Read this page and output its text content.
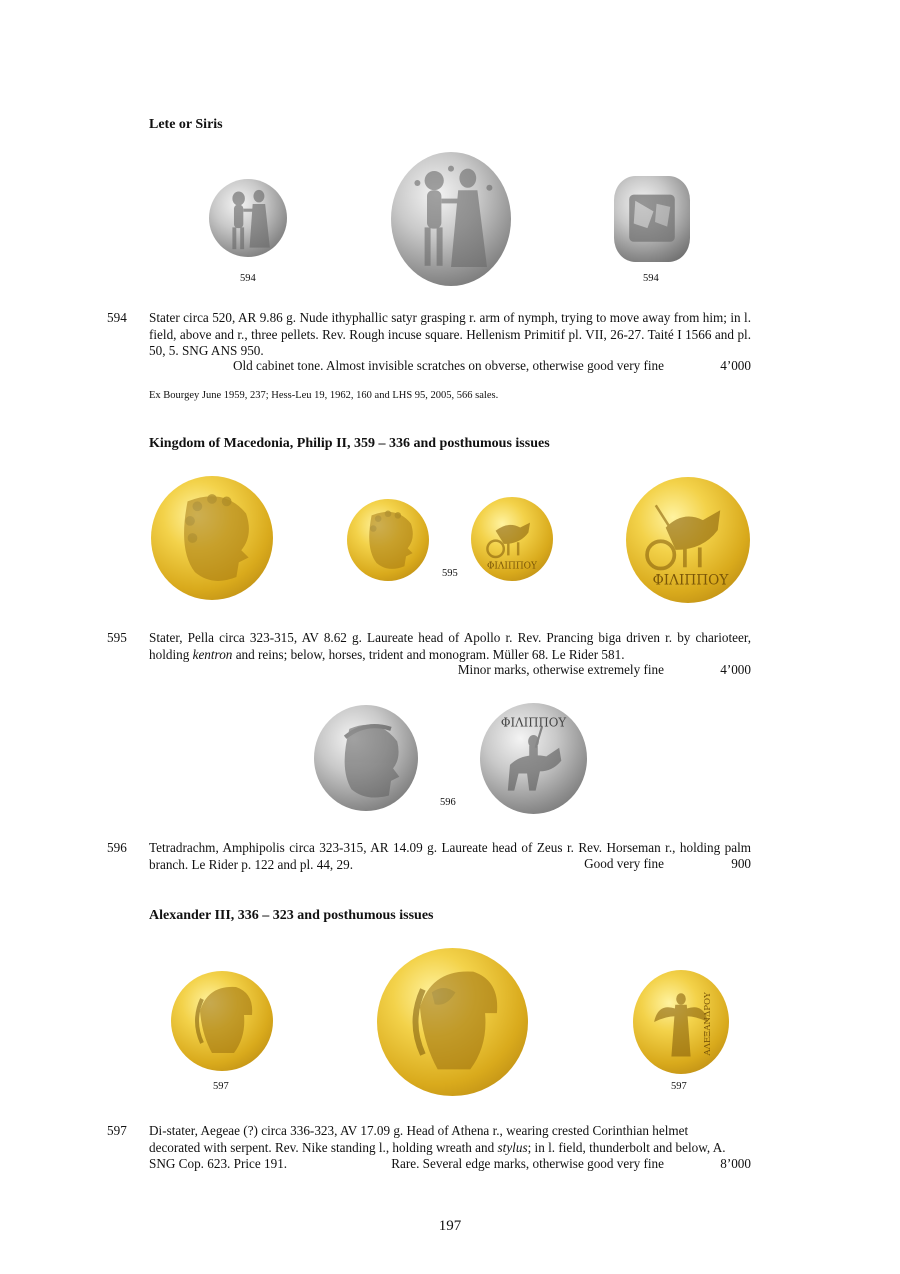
Lete or Siris
594	594
594 Stater circa 520, AR 9.86 g. Nude ithyphallic satyr grasping r. arm of nymph, trying to move away from him; in l. field, above and r., three pellets. Rev. Rough incuse square. Hellenism Primitif pl. VII, 26-27. Taité I 1566 and pl. 50, 5. SNG ANS 950.
Old cabinet tone. Almost invisible scratches on obverse, otherwise good very fine	4’000
Ex Bourgey June 1959, 237; Hess-Leu 19, 1962, 160 and LHS 95, 2005, 566 sales.
Kingdom of Macedonia, Philip II, 359 – 336 and posthumous issues
ΦΙΛΙΠΠΟΥ
ΦΙΛΙΠΠΟΥ
595
595 Stater, Pella circa 323-315, AV 8.62 g. Laureate head of Apollo r. Rev. Prancing biga driven r. by charioteer, holding kentron and reins; below, horses, trident and monogram. Müller 68. Le Rider 581.
Minor marks, otherwise extremely fine	4’000
ΦΙΛΙΠΠΟΥ
596
596 Tetradrachm, Amphipolis circa 323-315, AR 14.09 g. Laureate head of Zeus r. Rev. Horseman r., holding palm branch. Le Rider p. 122 and pl. 44, 29.	Good very fine	900
Alexander III, 336 – 323 and posthumous issues
ΑΛΕΞΑΝΔΡΟΥ
597	597
597 Di-stater, Aegeae (?) circa 336-323, AV 17.09 g. Head of Athena r., wearing crested Corinthian helmet
decorated with serpent. Rev. Nike standing l., holding wreath and stylus; in l. field, thunderbolt and below, A.
SNG Cop. 623. Price 191.	Rare. Several edge marks, otherwise good very fine	8’000
197
